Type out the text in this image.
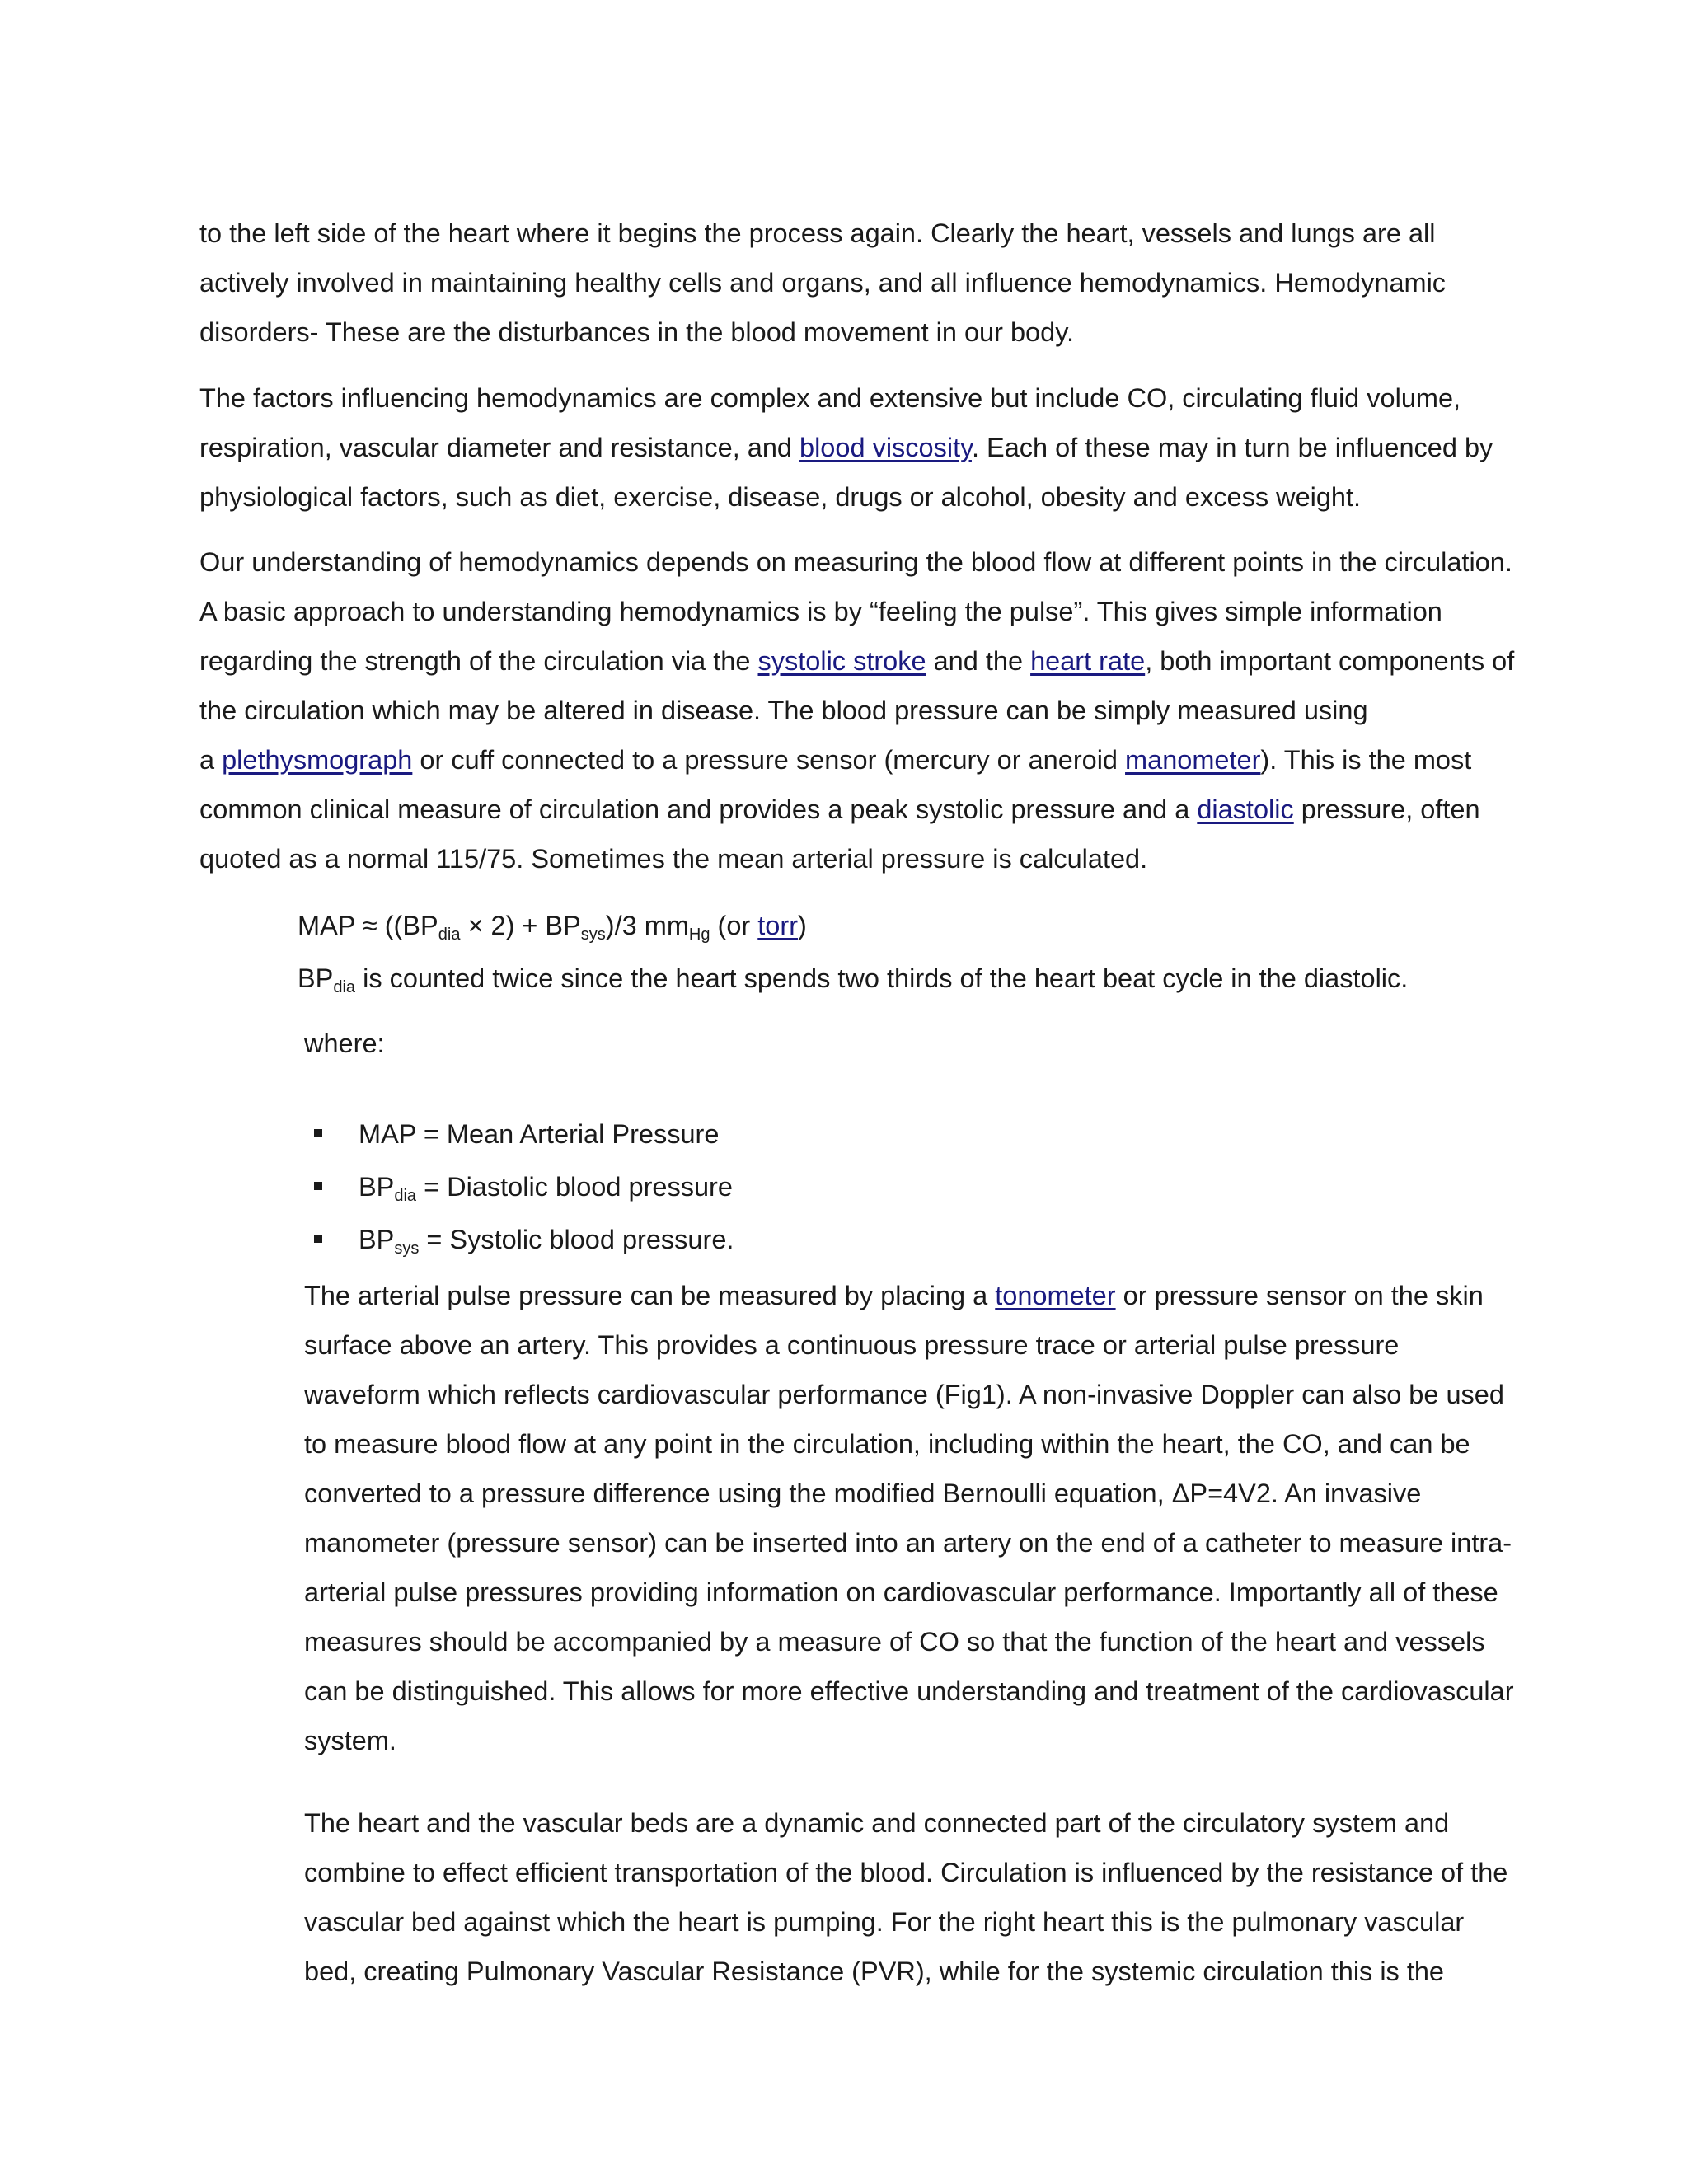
to the left side of the heart where it begins the process again. Clearly the heart, vessels and lungs are all
actively involved in maintaining healthy cells and organs, and all influence hemodynamics. Hemodynamic
disorders- These are the disturbances in the blood movement in our body.

The factors influencing hemodynamics are complex and extensive but include CO, circulating fluid volume,
respiration, vascular diameter and resistance, and blood viscosity. Each of these may in turn be influenced by
physiological factors, such as diet, exercise, disease, drugs or alcohol, obesity and excess weight.

Our understanding of hemodynamics depends on measuring the blood flow at different points in the circulation.
A basic approach to understanding hemodynamics is by “feeling the pulse”. This gives simple information
regarding the strength of the circulation via the systolic stroke and the heart rate, both important components of
the circulation which may be altered in disease. The blood pressure can be simply measured using
a plethysmograph or cuff connected to a pressure sensor (mercury or aneroid manometer). This is the most
common clinical measure of circulation and provides a peak systolic pressure and a diastolic pressure, often
quoted as a normal 115/75. Sometimes the mean arterial pressure is calculated.

MAP ≈ $((BP_{dia} \times 2) + BP_{sys})/3$ $mm_{Hg}$ (or torr)

$BP_{dia}$ is counted twice since the heart spends two thirds of the heart beat cycle in the diastolic.

where:

MAP = Mean Arterial Pressure
$BP_{dia}$ = Diastolic blood pressure
$BP_{sys}$ = Systolic blood pressure.

The arterial pulse pressure can be measured by placing a tonometer or pressure sensor on the skin
surface above an artery. This provides a continuous pressure trace or arterial pulse pressure
waveform which reflects cardiovascular performance (Fig1). A non-invasive Doppler can also be used
to measure blood flow at any point in the circulation, including within the heart, the CO, and can be
converted to a pressure difference using the modified Bernoulli equation, ΔP=4V2. An invasive
manometer (pressure sensor) can be inserted into an artery on the end of a catheter to measure intra-
arterial pulse pressures providing information on cardiovascular performance. Importantly all of these
measures should be accompanied by a measure of CO so that the function of the heart and vessels
can be distinguished. This allows for more effective understanding and treatment of the cardiovascular
system.

The heart and the vascular beds are a dynamic and connected part of the circulatory system and
combine to effect efficient transportation of the blood. Circulation is influenced by the resistance of the
vascular bed against which the heart is pumping. For the right heart this is the pulmonary vascular
bed, creating Pulmonary Vascular Resistance (PVR), while for the systemic circulation this is the
